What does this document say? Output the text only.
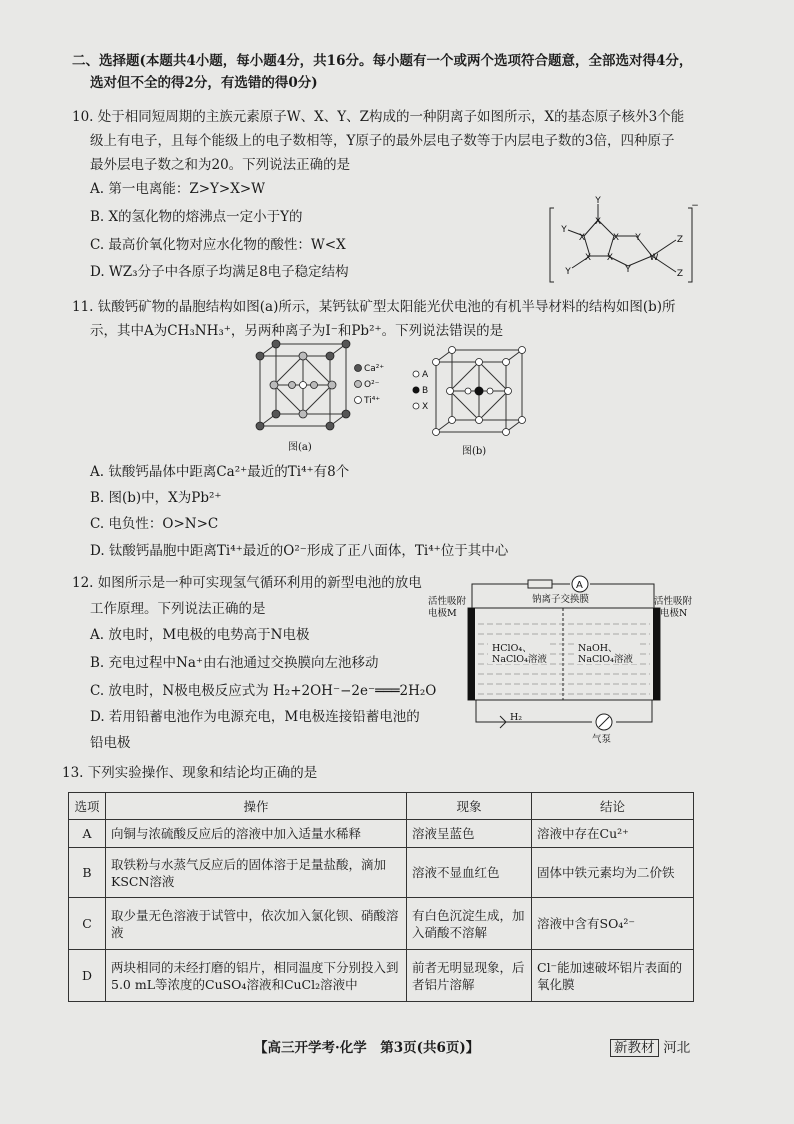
二、选择题(本题共4小题，每小题4分，共16分。每小题有一个或两个选项符合题意，全部选对得4分，
选对但不全的得2分，有选错的得0分)
10. 处于相同短周期的主族元素原子W、X、Y、Z构成的一种阴离子如图所示，X的基态原子核外3个能
级上有电子，且每个能级上的电子数相等，Y原子的最外层电子数等于内层电子数的3倍，四种原子
最外层电子数之和为20。下列说法正确的是
A. 第一电离能：Z>Y>X>W
B. X的氢化物的熔沸点一定小于Y的
C. 最高价氧化物对应水化物的酸性：W<X
D. WZ₃分子中各原子均满足8电子稳定结构
Y
X
X	X
X X
Y
Y
Y
Y
W
Z
Z
−
11. 钛酸钙矿物的晶胞结构如图(a)所示，某钙钛矿型太阳能光伏电池的有机半导材料的结构如图(b)所
示，其中A为CH₃NH₃⁺，另两种离子为I⁻和Pb²⁺。下列说法错误的是
Ca²⁺
O²⁻
Ti⁴⁺
图(a)	图(b)
A
B
X
A. 钛酸钙晶体中距离Ca²⁺最近的Ti⁴⁺有8个
B. 图(b)中，X为Pb²⁺
C. 电负性：O>N>C
D. 钛酸钙晶胞中距离Ti⁴⁺最近的O²⁻形成了正八面体，Ti⁴⁺位于其中心
12. 如图所示是一种可实现氢气循环利用的新型电池的放电
工作原理。下列说法正确的是
A. 放电时，M电极的电势高于N电极
B. 充电过程中Na⁺由右池通过交换膜向左池移动
C. 放电时，N极电极反应式为 H₂+2OH⁻−2e⁻═══2H₂O
D. 若用铅蓄电池作为电源充电，M电极连接铅蓄电池的
铅电极
A
活性吸附
电极M
活性吸附
电极N
钠离子交换膜
HClO₄、
NaClO₄溶液
NaOH、
NaClO₄溶液
H₂
气泵
13. 下列实验操作、现象和结论均正确的是
选项	操作	现象	结论
A	向铜与浓硫酸反应后的溶液中加入适量水稀释	溶液呈蓝色	溶液中存在Cu²⁺
B	取铁粉与水蒸气反应后的固体溶于足量盐酸，滴加KSCN溶液	溶液不显血红色	固体中铁元素均为二价铁
C	取少量无色溶液于试管中，依次加入氯化钡、硝酸溶液	有白色沉淀生成，加入硝酸不溶解	溶液中含有SO₄²⁻
D	两块相同的未经打磨的铝片，相同温度下分别投入到5.0 mL等浓度的CuSO₄溶液和CuCl₂溶液中	前者无明显现象，后者铝片溶解	Cl⁻能加速破坏铝片表面的氧化膜
【高三开学考·化学　第3页(共6页)】	新教材 河北
